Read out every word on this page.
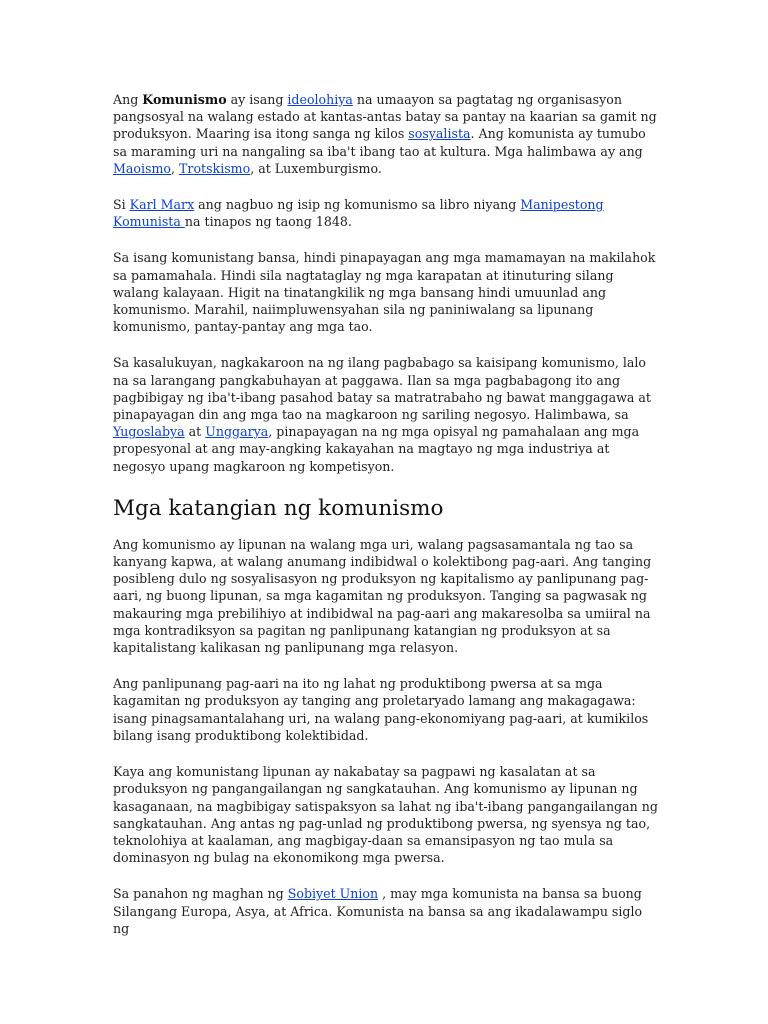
Ang Komunismo ay isang ideolohiya na umaayon sa pagtatag ng organisasyon pangsosyal na walang estado at kantas-antas batay sa pantay na kaarian sa gamit ng produksyon. Maaring isa itong sanga ng kilos sosyalista. Ang komunista ay tumubo sa maraming uri na nangaling sa iba't ibang tao at kultura. Mga halimbawa ay ang Maoismo, Trotskismo, at Luxemburgismo.

Si Karl Marx ang nagbuo ng isip ng komunismo sa libro niyang Manipestong Komunista na tinapos ng taong 1848.

Sa isang komunistang bansa, hindi pinapayagan ang mga mamamayan na makilahok sa pamamahala. Hindi sila nagtataglay ng mga karapatan at itinuturing silang walang kalayaan. Higit na tinatangkilik ng mga bansang hindi umuunlad ang komunismo. Marahil, naiimpluwensyahan sila ng paniniwalang sa lipunang komunismo, pantay-pantay ang mga tao.

Sa kasalukuyan, nagkakaroon na ng ilang pagbabago sa kaisipang komunismo, lalo na sa larangang pangkabuhayan at paggawa. Ilan sa mga pagbabagong ito ang pagbibigay ng iba't-ibang pasahod batay sa matratrabaho ng bawat manggagawa at pinapayagan din ang mga tao na magkaroon ng sariling negosyo. Halimbawa, sa Yugoslabya at Unggarya, pinapayagan na ng mga opisyal ng pamahalaan ang mga propesyonal at ang may-angking kakayahan na magtayo ng mga industriya at negosyo upang magkaroon ng kompetisyon.

Mga katangian ng komunismo

Ang komunismo ay lipunan na walang mga uri, walang pagsasamantala ng tao sa kanyang kapwa, at walang anumang indibidwal o kolektibong pag-aari. Ang tanging posibleng dulo ng sosyalisasyon ng produksyon ng kapitalismo ay panlipunang pag-aari, ng buong lipunan, sa mga kagamitan ng produksyon. Tanging sa pagwasak ng makauring mga prebilihiyo at indibidwal na pag-aari ang makaresolba sa umiiral na mga kontradiksyon sa pagitan ng panlipunang katangian ng produksyon at sa kapitalistang kalikasan ng panlipunang mga relasyon.

Ang panlipunang pag-aari na ito ng lahat ng produktibong pwersa at sa mga kagamitan ng produksyon ay tanging ang proletaryado lamang ang makagagawa: isang pinagsamantalahang uri, na walang pang-ekonomiyang pag-aari, at kumikilos bilang isang produktibong kolektibidad.

Kaya ang komunistang lipunan ay nakabatay sa pagpawi ng kasalatan at sa produksyon ng pangangailangan ng sangkatauhan. Ang komunismo ay lipunan ng kasaganaan, na magbibigay satispaksyon sa lahat ng iba't-ibang pangangailangan ng sangkatauhan. Ang antas ng pag-unlad ng produktibong pwersa, ng syensya ng tao, teknolohiya at kaalaman, ang magbigay-daan sa emansipasyon ng tao mula sa dominasyon ng bulag na ekonomikong mga pwersa.

Sa panahon ng maghan ng Sobiyet Union , may mga komunista na bansa sa buong Silangang Europa, Asya, at Africa. Komunista na bansa sa ang ikadalawampu siglo ng
